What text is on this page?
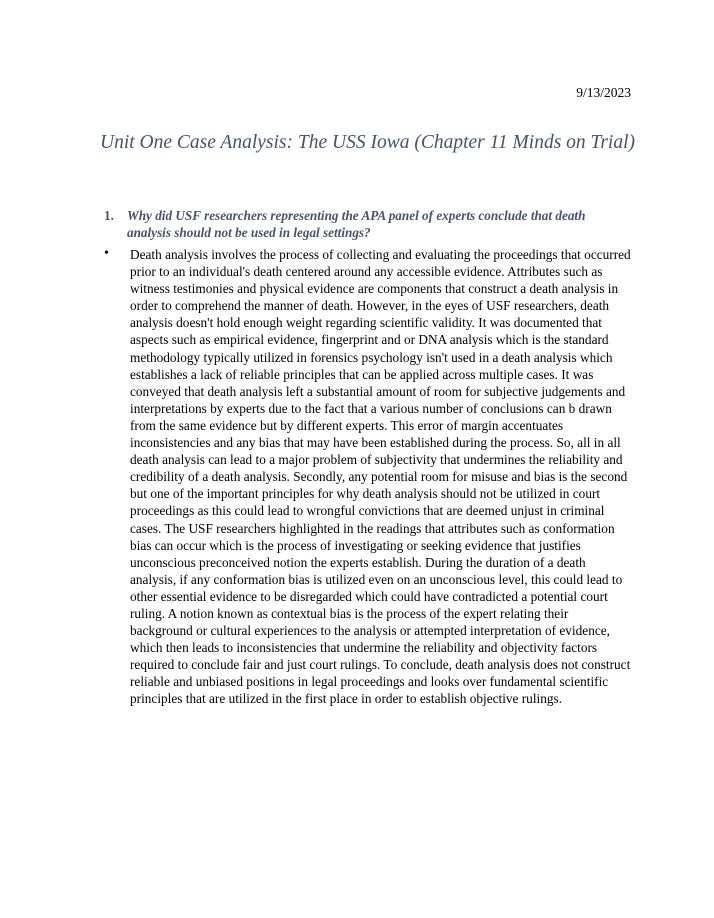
9/13/2023
Unit One Case Analysis: The USS Iowa (Chapter 11 Minds on Trial)
1. Why did USF researchers representing the APA panel of experts conclude that death analysis should not be used in legal settings?
• Death analysis involves the process of collecting and evaluating the proceedings that occurred prior to an individual's death centered around any accessible evidence. Attributes such as witness testimonies and physical evidence are components that construct a death analysis in order to comprehend the manner of death. However, in the eyes of USF researchers, death analysis doesn't hold enough weight regarding scientific validity. It was documented that aspects such as empirical evidence, fingerprint and or DNA analysis which is the standard methodology typically utilized in forensics psychology isn't used in a death analysis which establishes a lack of reliable principles that can be applied across multiple cases. It was conveyed that death analysis left a substantial amount of room for subjective judgements and interpretations by experts due to the fact that a various number of conclusions can b drawn from the same evidence but by different experts. This error of margin accentuates inconsistencies and any bias that may have been established during the process. So, all in all death analysis can lead to a major problem of subjectivity that undermines the reliability and credibility of a death analysis. Secondly, any potential room for misuse and bias is the second but one of the important principles for why death analysis should not be utilized in court proceedings as this could lead to wrongful convictions that are deemed unjust in criminal cases. The USF researchers highlighted in the readings that attributes such as conformation bias can occur which is the process of investigating or seeking evidence that justifies unconscious preconceived notion the experts establish. During the duration of a death analysis, if any conformation bias is utilized even on an unconscious level, this could lead to other essential evidence to be disregarded which could have contradicted a potential court ruling. A notion known as contextual bias is the process of the expert relating their background or cultural experiences to the analysis or attempted interpretation of evidence, which then leads to inconsistencies that undermine the reliability and objectivity factors required to conclude fair and just court rulings. To conclude, death analysis does not construct reliable and unbiased positions in legal proceedings and looks over fundamental scientific principles that are utilized in the first place in order to establish objective rulings.
